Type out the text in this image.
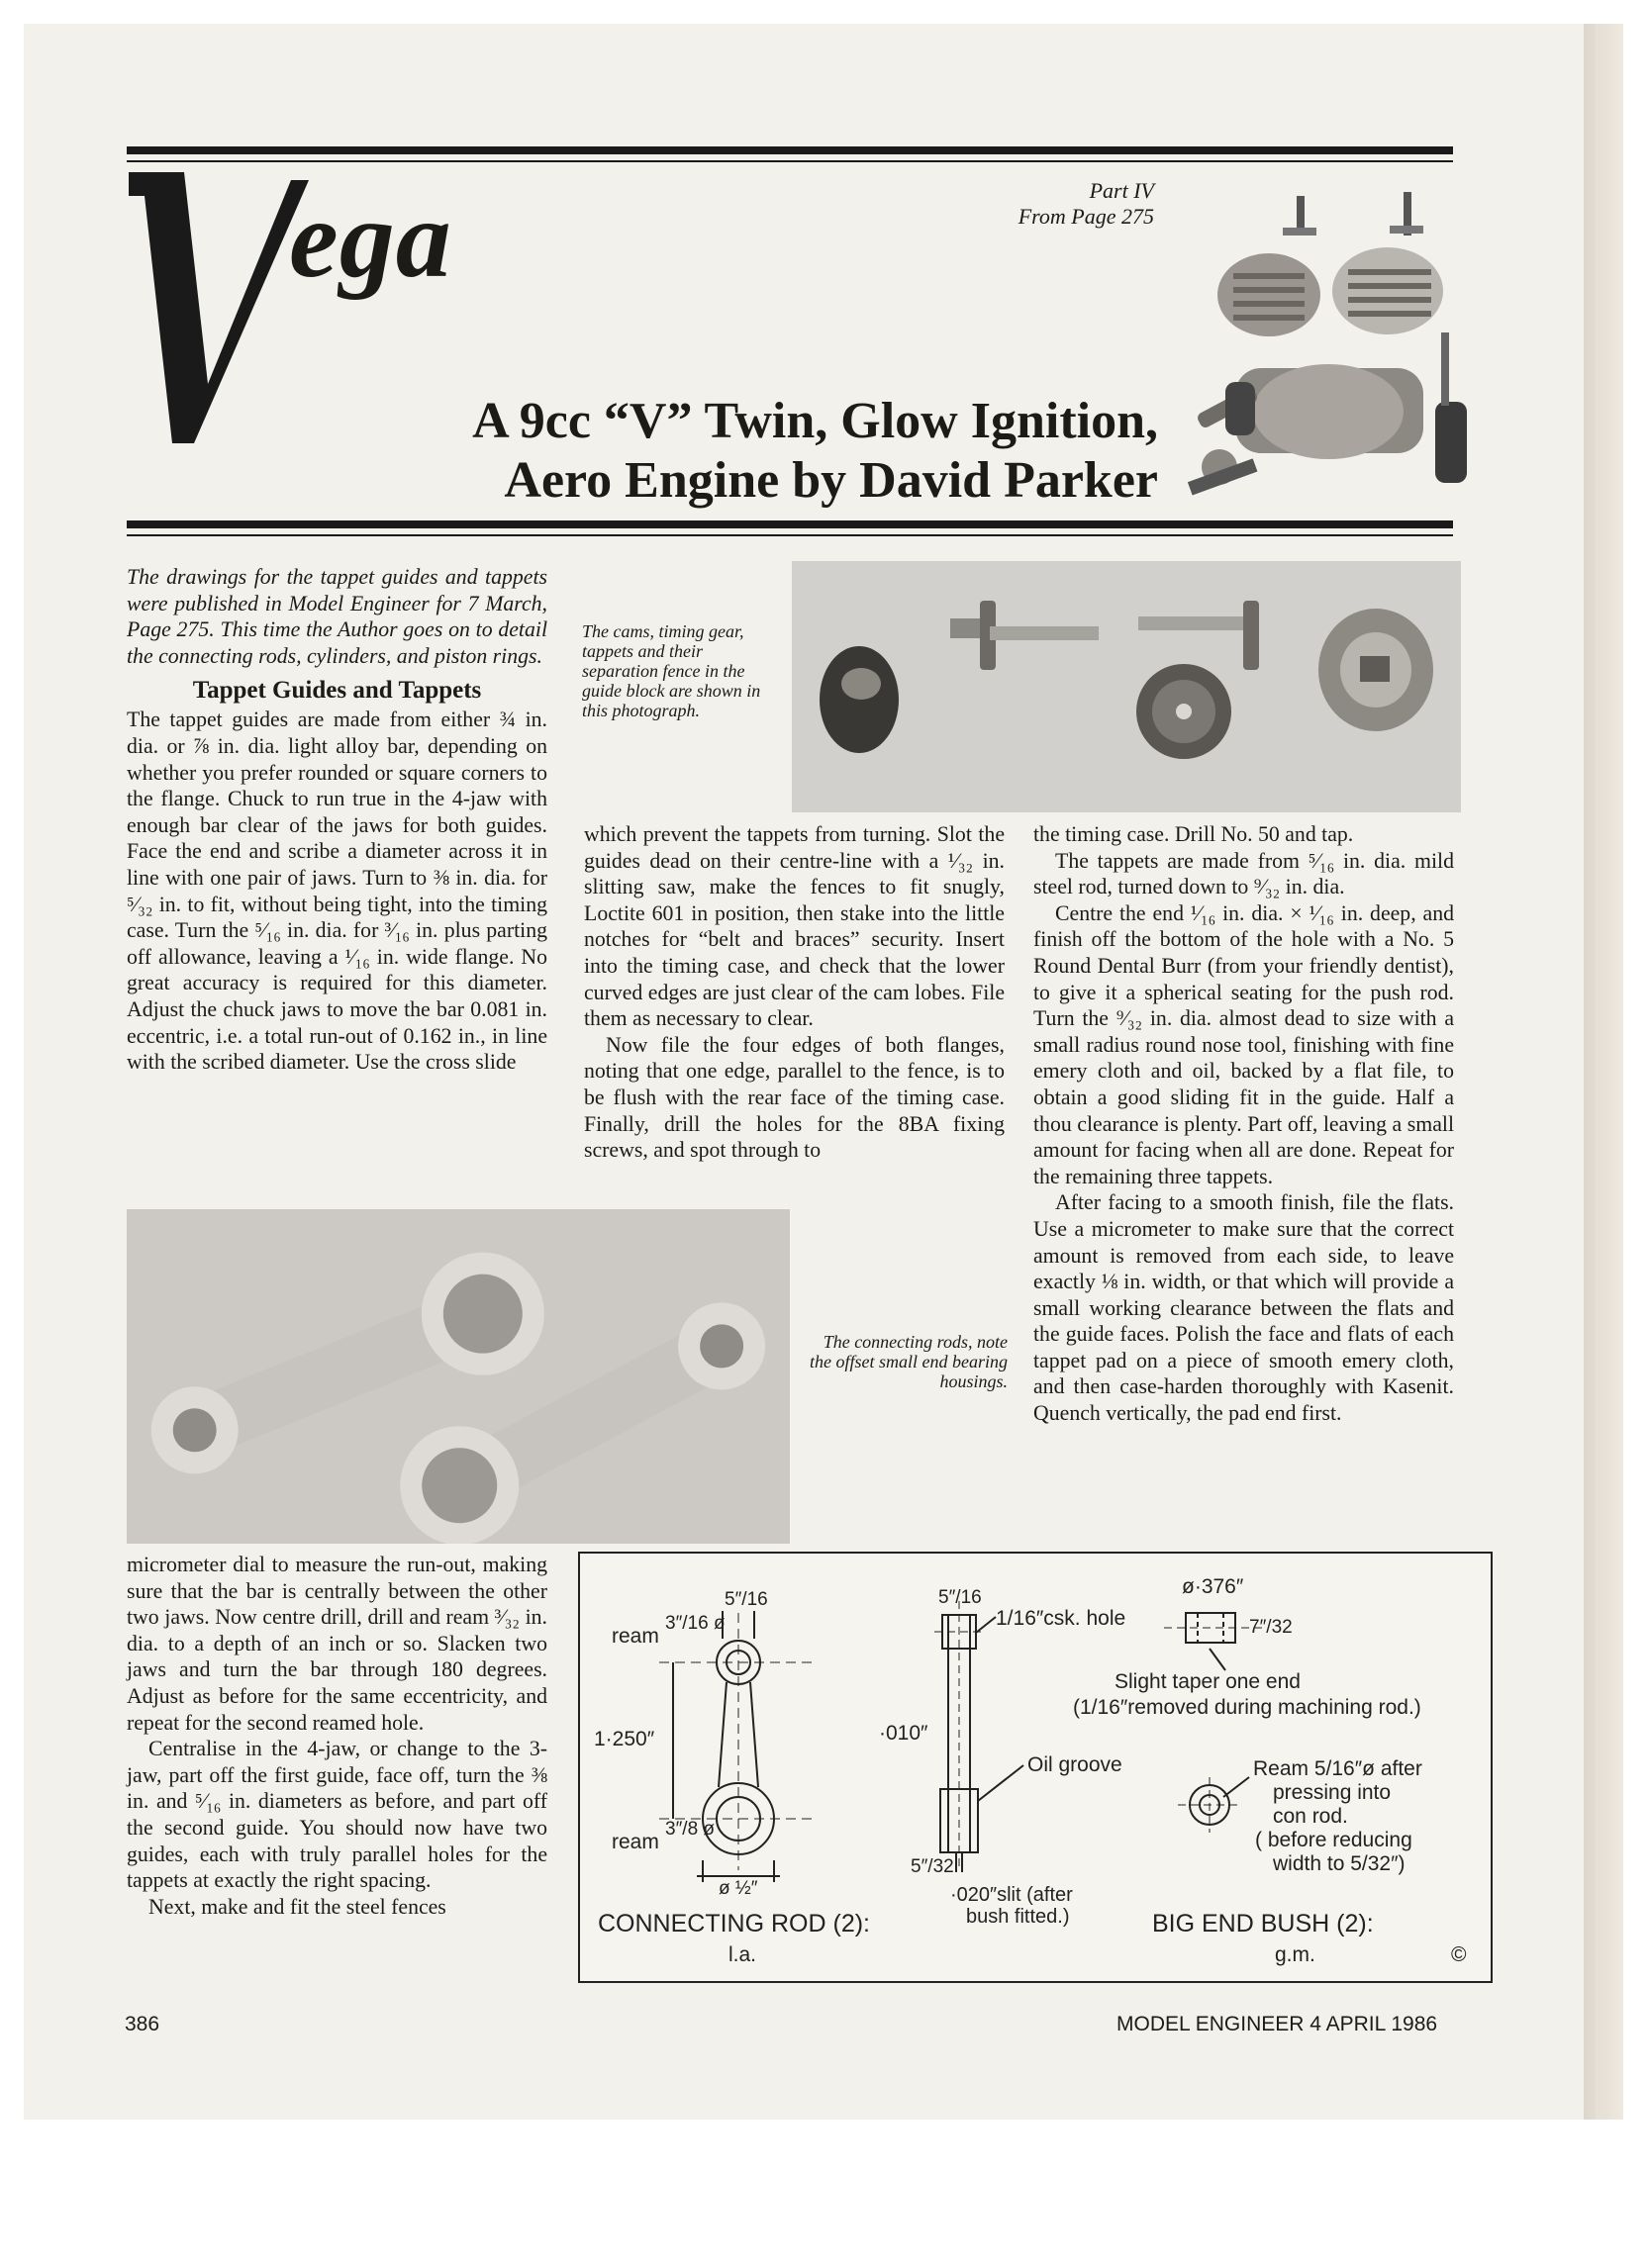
ega	Part IV
From Page 275
A 9cc “V” Twin, Glow Ignition,
Aero Engine by David Parker
The cams, timing gear, tappets and their separation fence in the guide block are shown in this photograph.
The connecting rods, note the offset small end bearing housings.

The drawings for the tappet guides and tappets were published in Model Engineer for 7 March, Page 275. This time the Author goes on to detail the connecting rods, cylinders, and piston rings.

Tappet Guides and Tappets

The tappet guides are made from either ¾ in. dia. or ⅞ in. dia. light alloy bar, depending on whether you prefer rounded or square corners to the flange. Chuck to run true in the 4-jaw with enough bar clear of the jaws for both guides. Face the end and scribe a diameter across it in line with one pair of jaws. Turn to ⅜ in. dia. for ⁵⁄₃₂ in. to fit, without being tight, into the timing case. Turn the ⁵⁄₁₆ in. dia. for ³⁄₁₆ in. plus parting off allowance, leaving a ¹⁄₁₆ in. wide flange. No great accuracy is required for this diameter. Adjust the chuck jaws to move the bar 0.081 in. eccentric, i.e. a total run-out of 0.162 in., in line with the scribed diameter. Use the cross slide

micrometer dial to measure the run-out, making sure that the bar is centrally between the other two jaws. Now centre drill, drill and ream ³⁄₃₂ in. dia. to a depth of an inch or so. Slacken two jaws and turn the bar through 180 degrees. Adjust as before for the same eccentricity, and repeat for the second reamed hole.

Centralise in the 4-jaw, or change to the 3-jaw, part off the first guide, face off, turn the ⅜ in. and ⁵⁄₁₆ in. diameters as before, and part off the second guide. You should now have two guides, each with truly parallel holes for the tappets at exactly the right spacing.

Next, make and fit the steel fences

which prevent the tappets from turning. Slot the guides dead on their centre-line with a ¹⁄₃₂ in. slitting saw, make the fences to fit snugly, Loctite 601 in position, then stake into the little notches for “belt and braces” security. Insert into the timing case, and check that the lower curved edges are just clear of the cam lobes. File them as necessary to clear.

Now file the four edges of both flanges, noting that one edge, parallel to the fence, is to be flush with the rear face of the timing case. Finally, drill the holes for the 8BA fixing screws, and spot through to

the timing case. Drill No. 50 and tap.

The tappets are made from ⁵⁄₁₆ in. dia. mild steel rod, turned down to ⁹⁄₃₂ in. dia.

Centre the end ¹⁄₁₆ in. dia. × ¹⁄₁₆ in. deep, and finish off the bottom of the hole with a No. 5 Round Dental Burr (from your friendly dentist), to give it a spherical seating for the push rod. Turn the ⁹⁄₃₂ in. dia. almost dead to size with a small radius round nose tool, finishing with fine emery cloth and oil, backed by a flat file, to obtain a good sliding fit in the guide. Half a thou clearance is plenty. Part off, leaving a small amount for facing when all are done. Repeat for the remaining three tappets.

After facing to a smooth finish, file the flats. Use a micrometer to make sure that the correct amount is removed from each side, to leave exactly ⅛ in. width, or that which will provide a small working clearance between the flats and the guide faces. Polish the face and flats of each tappet pad on a piece of smooth emery cloth, and then case-harden thoroughly with Kasenit. Quench vertically, the pad end first.

ream
3″/16 ø
5″/16
1·250″
ream
3″/8 ø
ø ½″
CONNECTING ROD (2):
l.a.
5″/16
1/16″csk. hole
·010″
Oil groove
5″/32
·020″slit (after
bush fitted.)
ø·376″
7″/32
Slight taper one end
(1/16″removed during machining rod.)
Ream 5/16″ø after
pressing into
con rod.
( before reducing
width to 5/32″)
BIG END BUSH (2):
g.m.	©
386	MODEL ENGINEER 4 APRIL 1986
